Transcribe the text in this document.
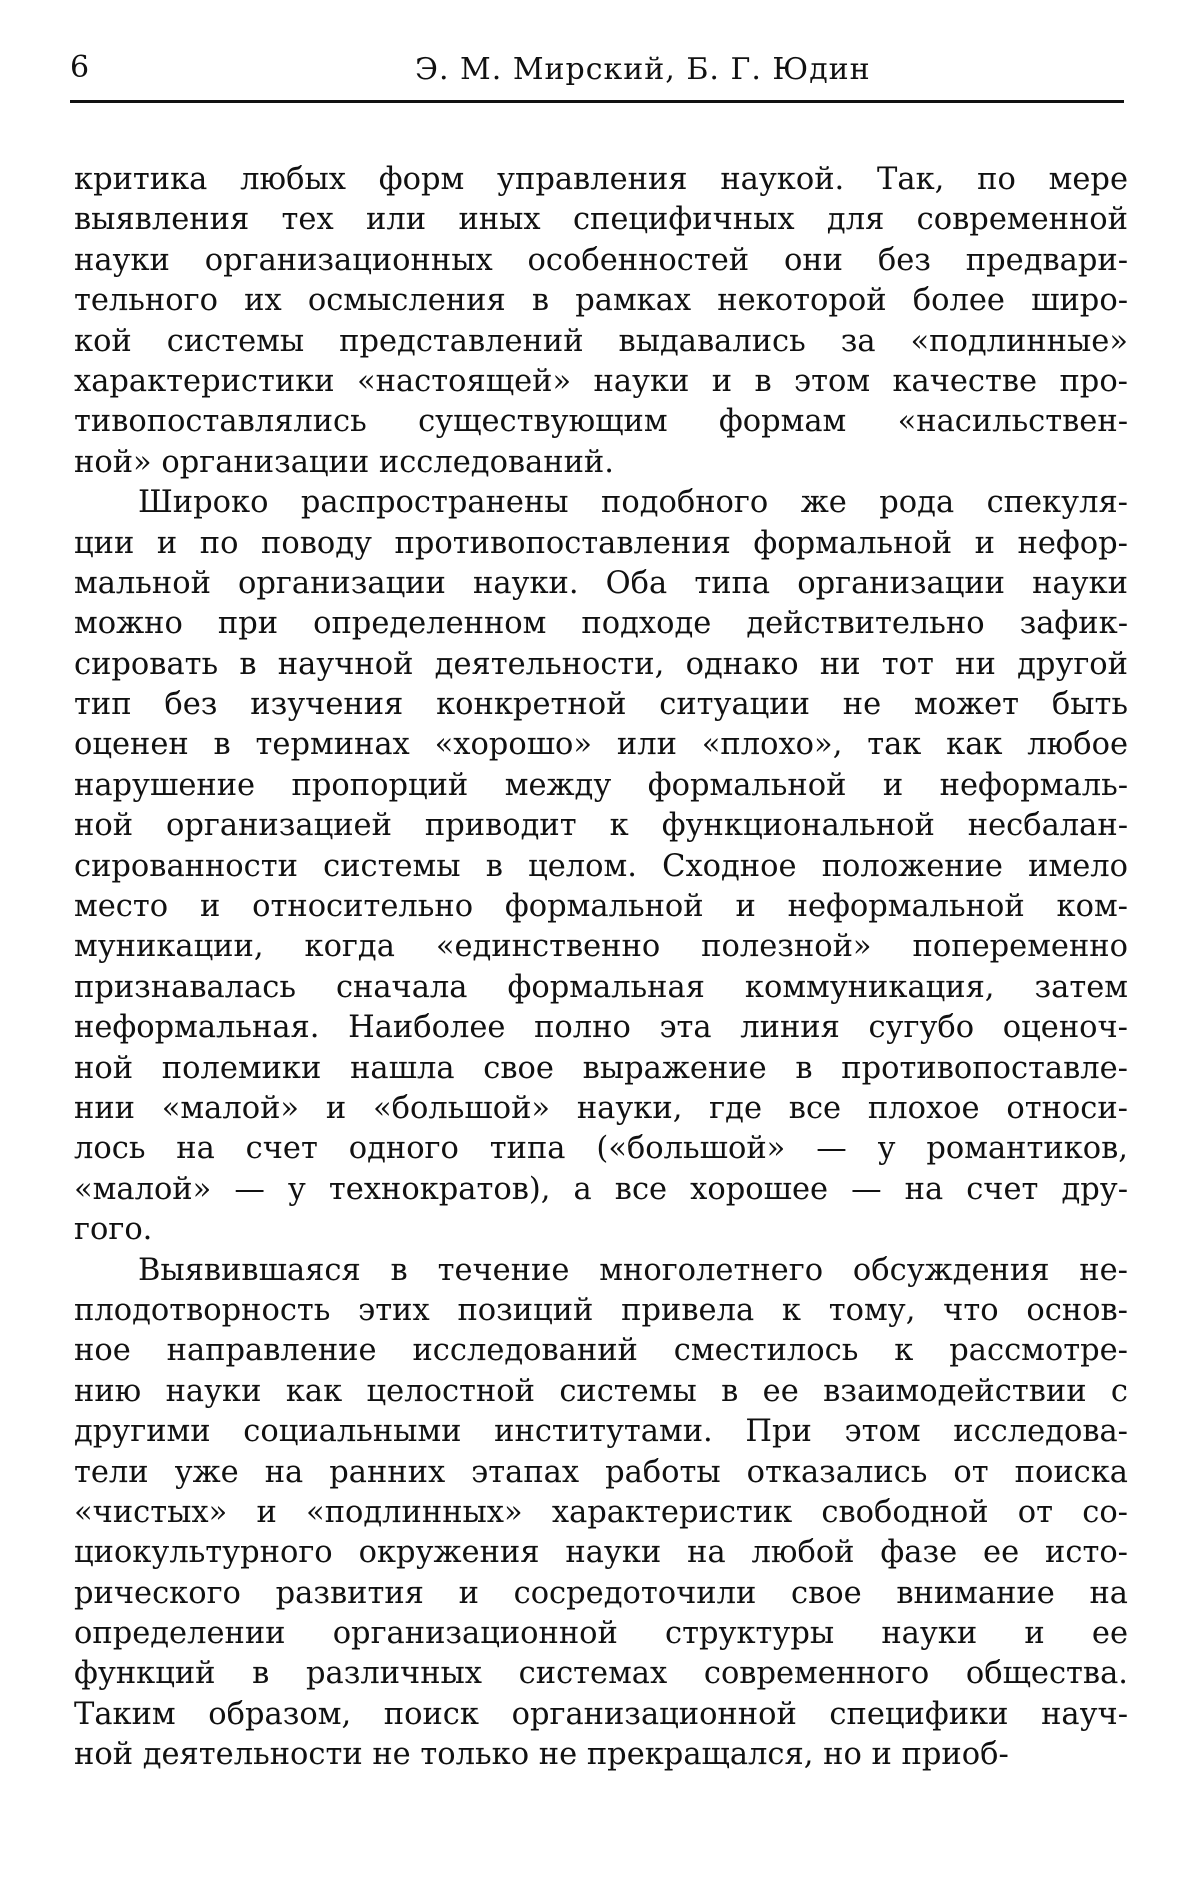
6	Э. М. Мирский, Б. Г. Юдин

критика любых форм управления наукой. Так, по мере
выявления тех или иных специфичных для современной
науки организационных особенностей они без предвари-
тельного их осмысления в рамках некоторой более широ-
кой системы представлений выдавались за «подлинные»
характеристики «настоящей» науки и в этом качестве про-
тивопоставлялись существующим формам «насильствен-
ной» организации исследований.

Широко распространены подобного же рода спекуля-
ции и по поводу противопоставления формальной и нефор-
мальной организации науки. Оба типа организации науки
можно при определенном подходе действительно зафик-
сировать в научной деятельности, однако ни тот ни другой
тип без изучения конкретной ситуации не может быть
оценен в терминах «хорошо» или «плохо», так как любое
нарушение пропорций между формальной и неформаль-
ной организацией приводит к функциональной несбалан-
сированности системы в целом. Сходное положение имело
место и относительно формальной и неформальной ком-
муникации, когда «единственно полезной» попеременно
признавалась сначала формальная коммуникация, затем
неформальная. Наиболее полно эта линия сугубо оценоч-
ной полемики нашла свое выражение в противопоставле-
нии «малой» и «большой» науки, где все плохое относи-
лось на счет одного типа («большой» — у романтиков,
«малой» — у технократов), а все хорошее — на счет дру-
гого.

Выявившаяся в течение многолетнего обсуждения не-
плодотворность этих позиций привела к тому, что основ-
ное направление исследований сместилось к рассмотре-
нию науки как целостной системы в ее взаимодействии с
другими социальными институтами. При этом исследова-
тели уже на ранних этапах работы отказались от поиска
«чистых» и «подлинных» характеристик свободной от со-
циокультурного окружения науки на любой фазе ее исто-
рического развития и сосредоточили свое внимание на
определении организационной структуры науки и ее
функций в различных системах современного общества.
Таким образом, поиск организационной специфики науч-
ной деятельности не только не прекращался, но и приоб-
